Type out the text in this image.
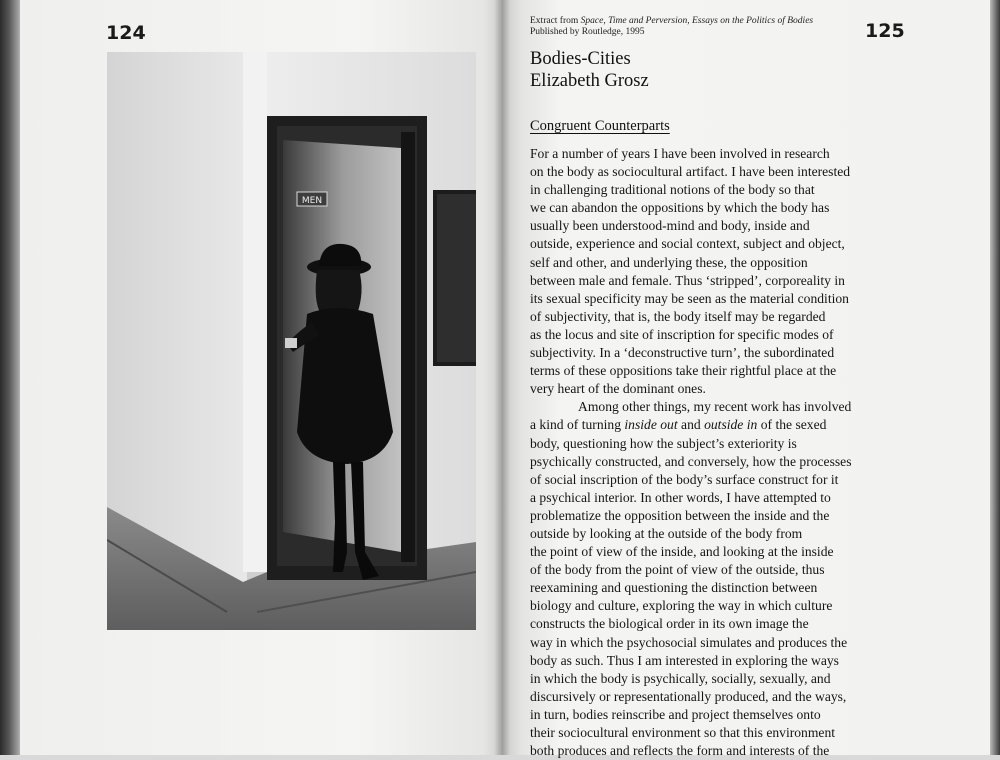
124
MEN
125
Extract from Space, Time and Perversion, Essays on the Politics of Bodies
Published by Routledge, 1995
Bodies-Cities
Elizabeth Grosz
Congruent Counterparts
For a number of years I have been involved in research
on the body as sociocultural artifact. I have been interested
in challenging traditional notions of the body so that
we can abandon the oppositions by which the body has
usually been understood-mind and body, inside and
outside, experience and social context, subject and object,
self and other, and underlying these, the opposition
between male and female. Thus ‘stripped’, corporeality in
its sexual specificity may be seen as the material condition
of subjectivity, that is, the body itself may be regarded
as the locus and site of inscription for specific modes of
subjectivity. In a ‘deconstructive turn’, the subordinated
terms of these oppositions take their rightful place at the
very heart of the dominant ones.
Among other things, my recent work has involved
a kind of turning inside out and outside in of the sexed
body, questioning how the subject’s exteriority is
psychically constructed, and conversely, how the processes
of social inscription of the body’s surface construct for it
a psychical interior. In other words, I have attempted to
problematize the opposition between the inside and the
outside by looking at the outside of the body from
the point of view of the inside, and looking at the inside
of the body from the point of view of the outside, thus
reexamining and questioning the distinction between
biology and culture, exploring the way in which culture
constructs the biological order in its own image the
way in which the psychosocial simulates and produces the
body as such. Thus I am interested in exploring the ways
in which the body is psychically, socially, sexually, and
discursively or representationally produced, and the ways,
in turn, bodies reinscribe and project themselves onto
their sociocultural environment so that this environment
both produces and reflects the form and interests of the
